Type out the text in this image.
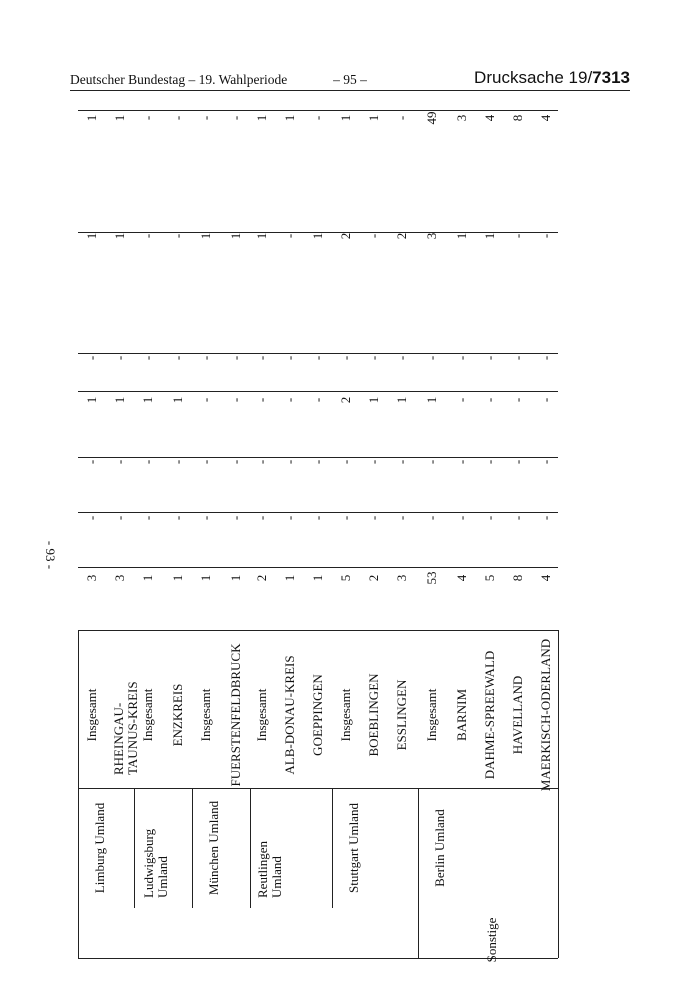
Deutscher Bundestag – 19. Wahlperiode	– 95 –	Drucksache 19/7313
- 93 -
Insgesamt
Limburg Umland
3
-
-
1
-
1
1
RHEINGAU-TAUNUS-KREIS
3
-
-
1
-
1
1
Insgesamt
Ludwigsburg Umland
1
-
-
1
-
-
-
ENZKREIS
1
-
-
1
-
-
-
Insgesamt
München Umland
1
-
-
-
-
1
-
FUERSTENFELDBRUCK
1
-
-
-
-
1
-
Insgesamt
Reutlingen Umland
2
-
-
-
-
1
1
ALB-DONAU-KREIS
1
-
-
-
-
-
1
GOEPPINGEN
1
-
-
-
-
1
-
Insgesamt
Stuttgart Umland
5
-
-
2
-
2
1
BOEBLINGEN
2
-
-
1
-
-
1
ESSLINGEN
3
-
-
1
-
2
-
Insgesamt
Berlin Umland
Sonstige
53
-
-
1
-
3
49
BARNIM
4
-
-
-
-
1
3
DAHME-SPREEWALD
5
-
-
-
-
1
4
HAVELLAND
8
-
-
-
-
-
8
MAERKISCH-ODERLAND
4
-
-
-
-
-
4
